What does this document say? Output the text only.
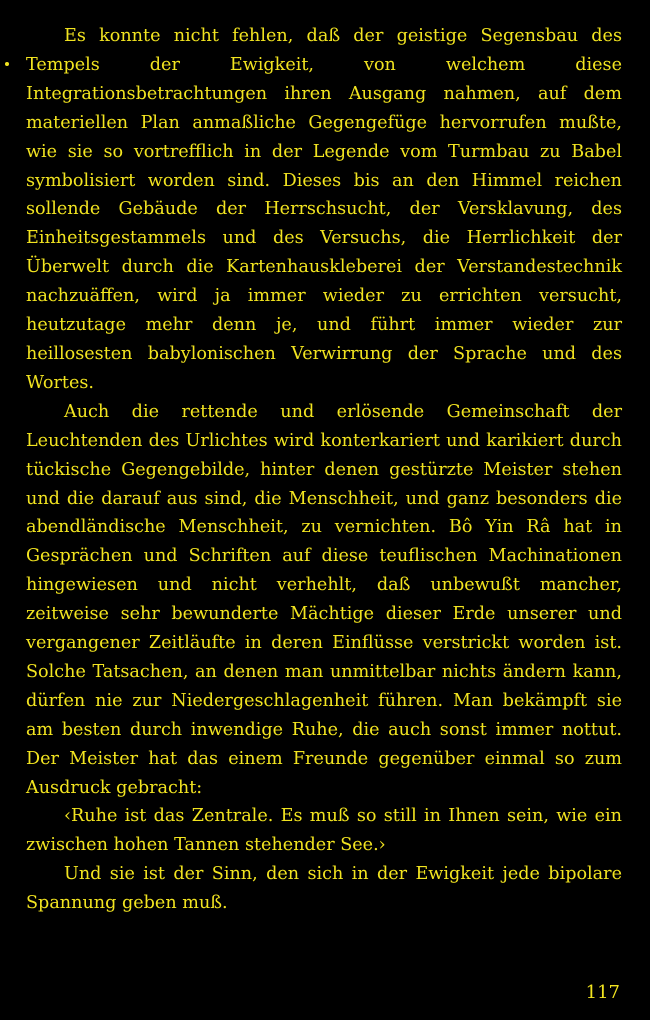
Es konnte nicht fehlen, daß der geistige Segensbau des Tempels der Ewigkeit, von welchem diese Integrationsbetrachtungen ihren Ausgang nahmen, auf dem materiellen Plan anmaßliche Gegengefüge hervorrufen mußte, wie sie so vortrefflich in der Legende vom Turmbau zu Babel symbolisiert worden sind. Dieses bis an den Himmel reichen sollende Gebäude der Herrschsucht, der Versklavung, des Einheitsgestammels und des Versuchs, die Herrlichkeit der Überwelt durch die Kartenhauskleberei der Verstandestechnik nachzuäffen, wird ja immer wieder zu errichten versucht, heutzutage mehr denn je, und führt immer wieder zur heillosesten babylonischen Verwirrung der Sprache und des Wortes.

Auch die rettende und erlösende Gemeinschaft der Leuchtenden des Urlichtes wird konterkariert und karikiert durch tückische Gegengebilde, hinter denen gestürzte Meister stehen und die darauf aus sind, die Menschheit, und ganz besonders die abendländische Menschheit, zu vernichten. Bô Yin Râ hat in Gesprächen und Schriften auf diese teuflischen Machinationen hingewiesen und nicht verhehlt, daß unbewußt mancher, zeitweise sehr bewunderte Mächtige dieser Erde unserer und vergangener Zeitläufte in deren Einflüsse verstrickt worden ist. Solche Tatsachen, an denen man unmittelbar nichts ändern kann, dürfen nie zur Niedergeschlagenheit führen. Man bekämpft sie am besten durch inwendige Ruhe, die auch sonst immer nottut. Der Meister hat das einem Freunde gegenüber einmal so zum Ausdruck gebracht:

‹Ruhe ist das Zentrale. Es muß so still in Ihnen sein, wie ein zwischen hohen Tannen stehender See.›

Und sie ist der Sinn, den sich in der Ewigkeit jede bipolare Spannung geben muß.

117
